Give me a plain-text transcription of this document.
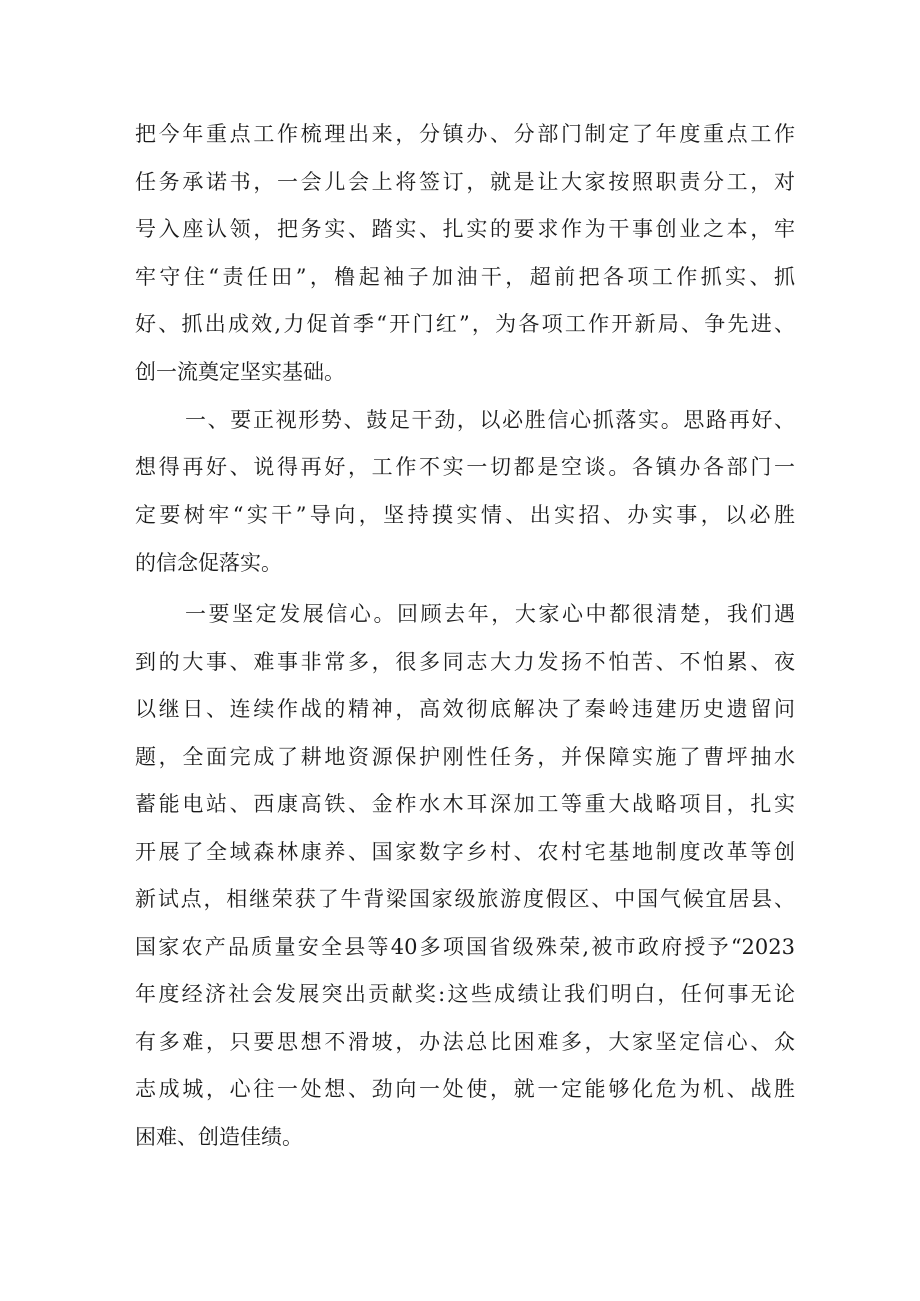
把今年重点工作梳理出来，分镇办、分部门制定了年度重点工作
任务承诺书，一会儿会上将签订，就是让大家按照职责分工，对
号入座认领，把务实、踏实、扎实的要求作为干事创业之本，牢
牢守住“责任田”，橹起袖子加油干，超前把各项工作抓实、抓
好、抓出成效,力促首季“开门红”，为各项工作开新局、争先进、
创一流奠定坚实基础。
一、要正视形势、鼓足干劲，以必胜信心抓落实。思路再好、
想得再好、说得再好，工作不实一切都是空谈。各镇办各部门一
定要树牢“实干”导向，坚持摸实情、出实招、办实事，以必胜
的信念促落实。
一要坚定发展信心。回顾去年，大家心中都很清楚，我们遇
到的大事、难事非常多，很多同志大力发扬不怕苦、不怕累、夜
以继日、连续作战的精神，高效彻底解决了秦岭违建历史遗留问
题，全面完成了耕地资源保护刚性任务，并保障实施了曹坪抽水
蓄能电站、西康高铁、金柞水木耳深加工等重大战略项目，扎实
开展了全域森林康养、国家数字乡村、农村宅基地制度改革等创
新试点，相继荣获了牛背梁国家级旅游度假区、中国气候宜居县、
国家农产品质量安全县等40多项国省级殊荣,被市政府授予“2023
年度经济社会发展突出贡献奖:这些成绩让我们明白，任何事无论
有多难，只要思想不滑坡，办法总比困难多，大家坚定信心、众
志成城，心往一处想、劲向一处使，就一定能够化危为机、战胜
困难、创造佳绩。
